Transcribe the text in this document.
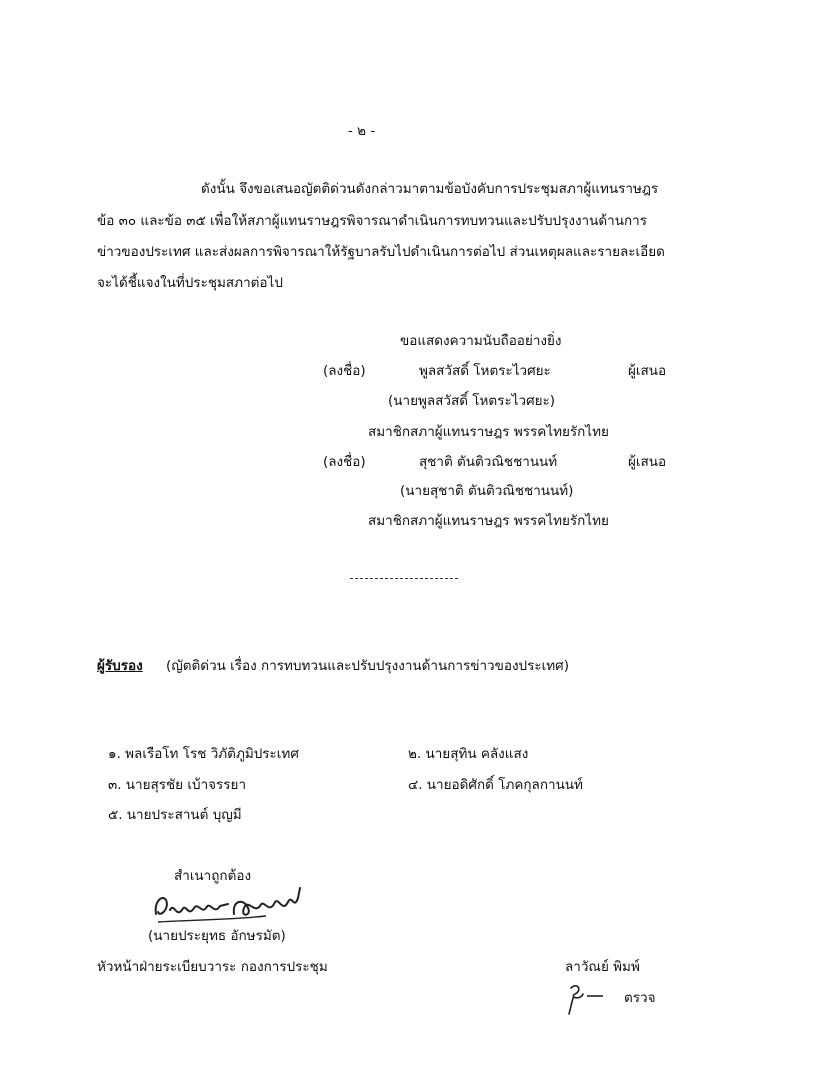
- ๒ -
ดังนั้น จึงขอเสนอญัตติด่วนดังกล่าวมาตามข้อบังคับการประชุมสภาผู้แทนราษฎร
ข้อ ๓๐ และข้อ ๓๕ เพื่อให้สภาผู้แทนราษฎรพิจารณาดำเนินการทบทวนและปรับปรุงงานด้านการ
ข่าวของประเทศ และส่งผลการพิจารณาให้รัฐบาลรับไปดำเนินการต่อไป ส่วนเหตุผลและรายละเอียด
จะได้ชี้แจงในที่ประชุมสภาต่อไป
ขอแสดงความนับถืออย่างยิ่ง
(ลงชื่อ)	พูลสวัสดิ์ โหตระไวศยะ	ผู้เสนอ
(นายพูลสวัสดิ์ โหตระไวศยะ)
สมาชิกสภาผู้แทนราษฎร พรรคไทยรักไทย
(ลงชื่อ)	สุชาติ ตันติวณิชชานนท์	ผู้เสนอ
(นายสุชาติ ตันติวณิชชานนท์)
สมาชิกสภาผู้แทนราษฎร พรรคไทยรักไทย
ผู้รับรอง (ญัตติด่วน เรื่อง การทบทวนและปรับปรุงงานด้านการข่าวของประเทศ)
๑. พลเรือโท โรช วิภัติภูมิประเทศ	๒. นายสุทิน คลังแสง
๓. นายสุรชัย เบ้าจรรยา	๔. นายอดิศักดิ์ โภคกุลกานนท์
๕. นายประสานต์ บุญมี
สำเนาถูกต้อง
(นายประยุทธ อักษรมัต)
หัวหน้าฝ่ายระเบียบวาระ กองการประชุม	ลาวัณย์ พิมพ์
ตรวจ
